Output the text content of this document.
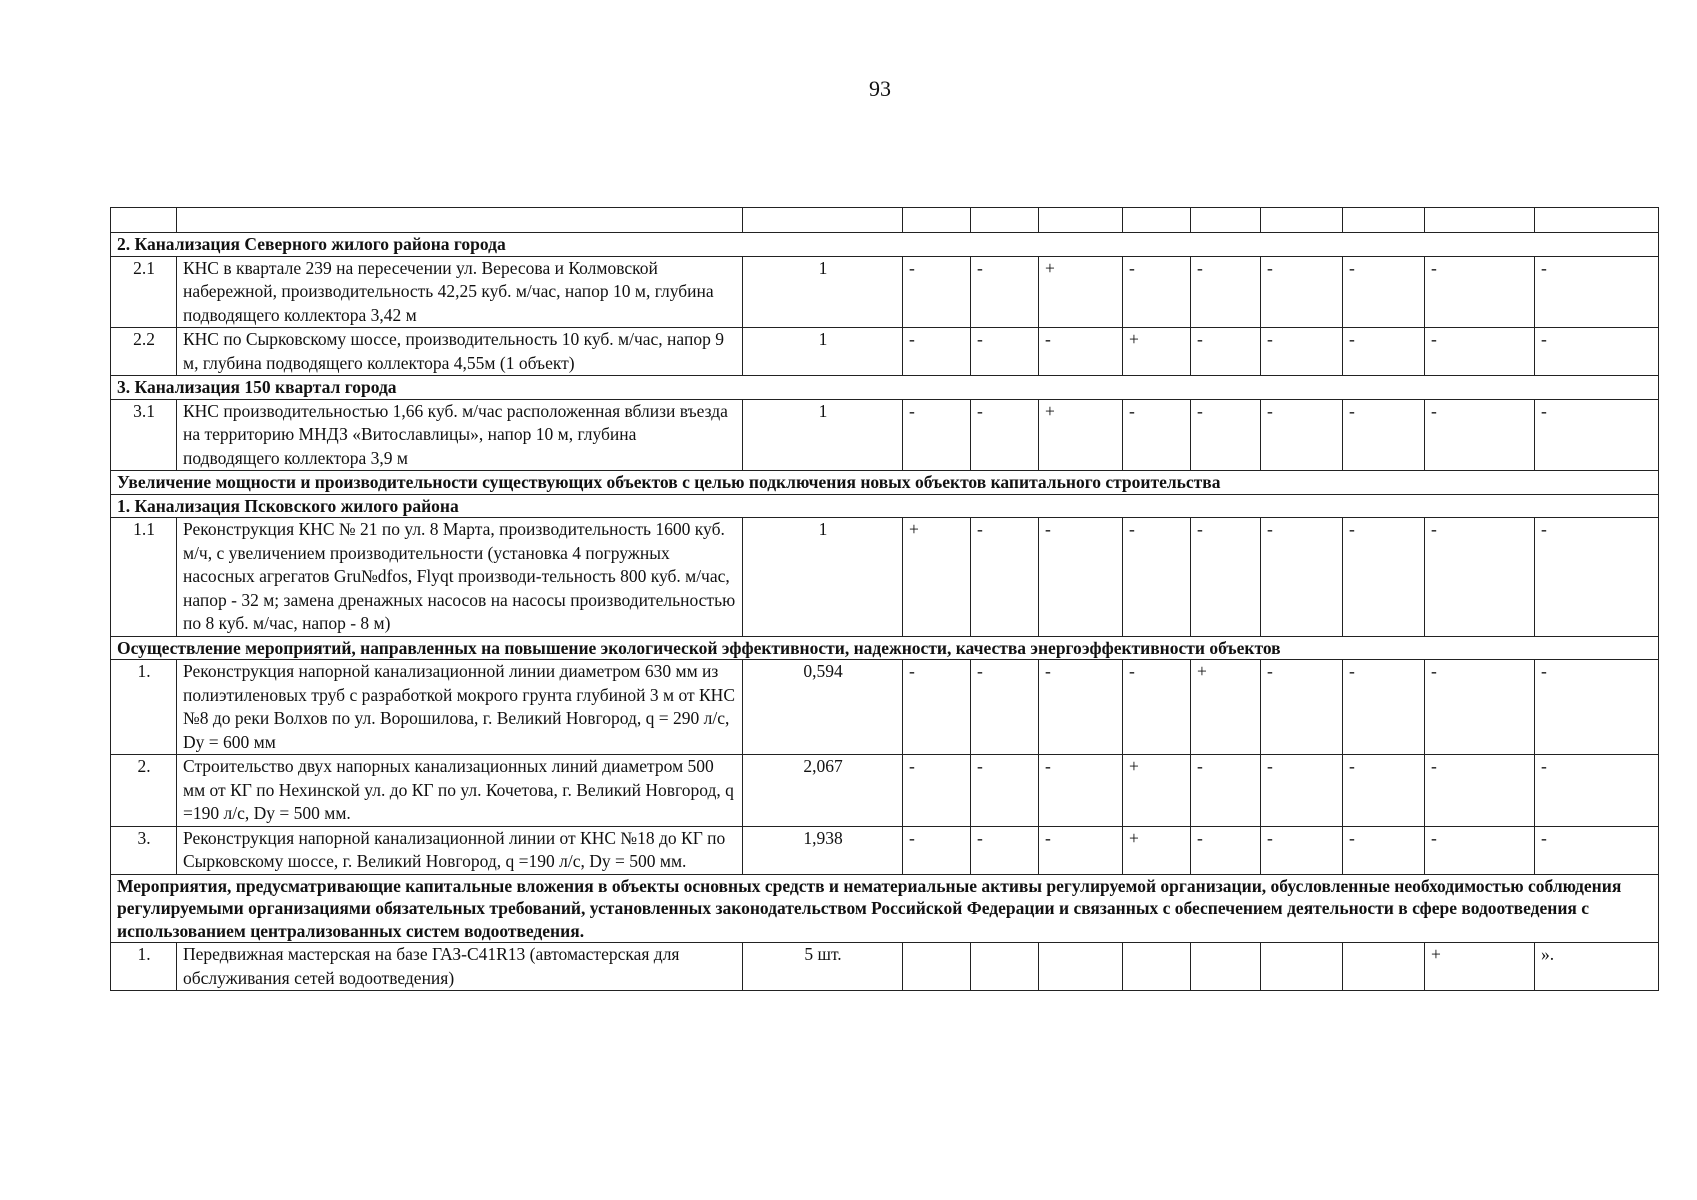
93

2. Канализация Северного жилого района города											
2.1	КНС в квартале 239 на пересечении ул. Вересова и Колмовской набережной, производительность 42,25 куб. м/час, напор 10 м, глубина подводящего коллектора 3,42 м	1	-	-	+	-	-	-	-	-	-
2.2	КНС по Сырковскому шоссе, производительность 10 куб. м/час, напор 9 м, глубина подводящего коллектора 4,55м (1 объект)	1	-	-	-	+	-	-	-	-	-
3. Канализация 150 квартал города											
3.1	КНС производительностью 1,66 куб. м/час расположенная вблизи въезда на территорию МНДЗ «Витославлицы», напор 10 м, глубина подводящего коллектора 3,9 м	1	-	-	+	-	-	-	-	-	-
Увеличение мощности и производительности существующих объектов с целью подключения новых объектов капитального строительства											
1. Канализация Псковского жилого района											
1.1	Реконструкция КНС № 21 по ул. 8 Марта, производительность 1600 куб. м/ч, с увеличением производительности (установка 4 погружных насосных агрегатов Gru№dfos, Flyqt производи-тельность 800 куб. м/час, напор - 32 м; замена дренажных насосов на насосы производительностью по 8 куб. м/час, напор - 8 м)	1	+	-	-	-	-	-	-	-	-
Осуществление мероприятий, направленных на повышение экологической эффективности, надежности, качества энергоэффективности объектов											
1.	Реконструкция напорной канализационной линии диаметром 630 мм из полиэтиленовых труб с разработкой мокрого грунта глубиной 3 м от КНС №8 до реки Волхов по ул. Ворошилова, г. Великий Новгород, q = 290 л/с, Dy = 600 мм	0,594	-	-	-	-	+	-	-	-	-
2.	Строительство двух напорных канализационных линий диаметром 500 мм от КГ по Нехинской ул. до КГ по ул. Кочетова, г. Великий Новгород, q =190 л/с, Dy = 500 мм.	2,067	-	-	-	+	-	-	-	-	-
3.	Реконструкция напорной канализационной линии от КНС №18 до КГ по Сырковскому шоссе, г. Великий Новгород, q =190 л/с, Dy = 500 мм.	1,938	-	-	-	+	-	-	-	-	-
Мероприятия, предусматривающие капитальные вложения в объекты основных средств и нематериальные активы регулируемой организации, обусловленные необходимостью соблюдения регулируемыми организациями обязательных требований, установленных законодательством Российской Федерации и связанных с обеспечением деятельности в сфере водоотведения с использованием централизованных систем водоотведения.											
1.	Передвижная мастерская на базе ГАЗ-С41R13 (автомастерская для обслуживания сетей водоотведения)	5 шт.								+	».
